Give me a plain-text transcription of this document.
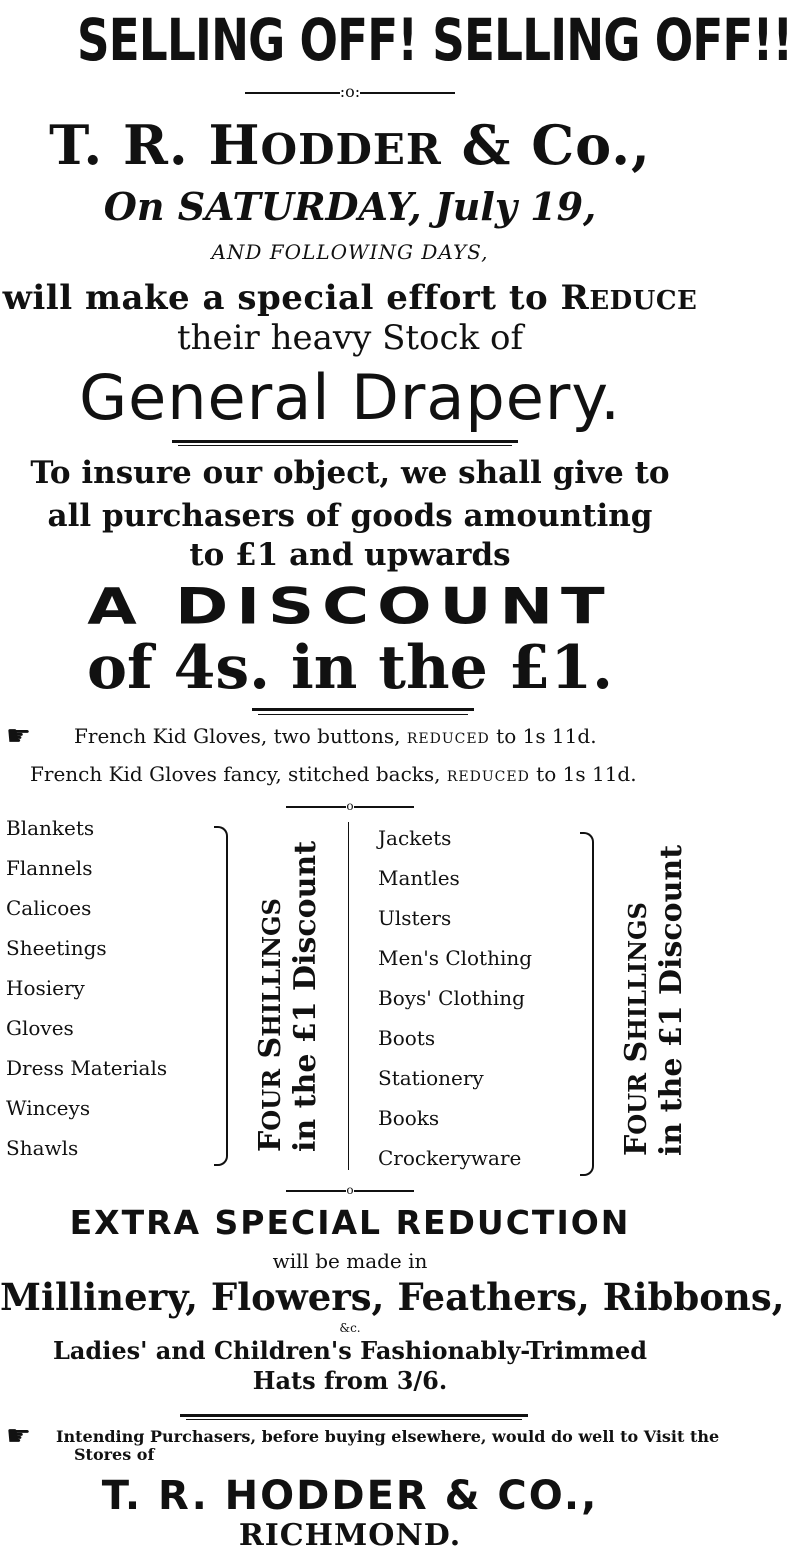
SELLING OFF! SELLING OFF!!
:o:
T. R. HODDER & Co.,
On SATURDAY, July 19,
AND FOLLOWING DAYS,
will make a special effort to REDUCE
their heavy Stock of
General Drapery.
To insure our object, we shall give to
all purchasers of goods amounting
to £1 and upwards
A DISCOUNT
of 4s. in the £1.
☛ French Kid Gloves, two buttons, REDUCED to 1s 11d.
French Kid Gloves fancy, stitched backs, REDUCED to 1s 11d.
o
Blankets
Flannels
Calicoes
Sheetings
Hosiery
Gloves
Dress Materials
Winceys
Shawls	FOUR SHILLINGS in the £1 Discount
Jackets
Mantles
Ulsters
Men's Clothing
Boys' Clothing
Boots
Stationery
Books
Crockeryware
FOUR SHILLINGS in the £1 Discount
o
EXTRA SPECIAL REDUCTION
will be made in
Millinery, Flowers, Feathers, Ribbons,
&c.
Ladies' and Children's Fashionably-Trimmed
Hats from 3/6.
☛ Intending Purchasers, before buying elsewhere, would do well to Visit the
Stores of
T. R. HODDER & CO.,
RICHMOND.
